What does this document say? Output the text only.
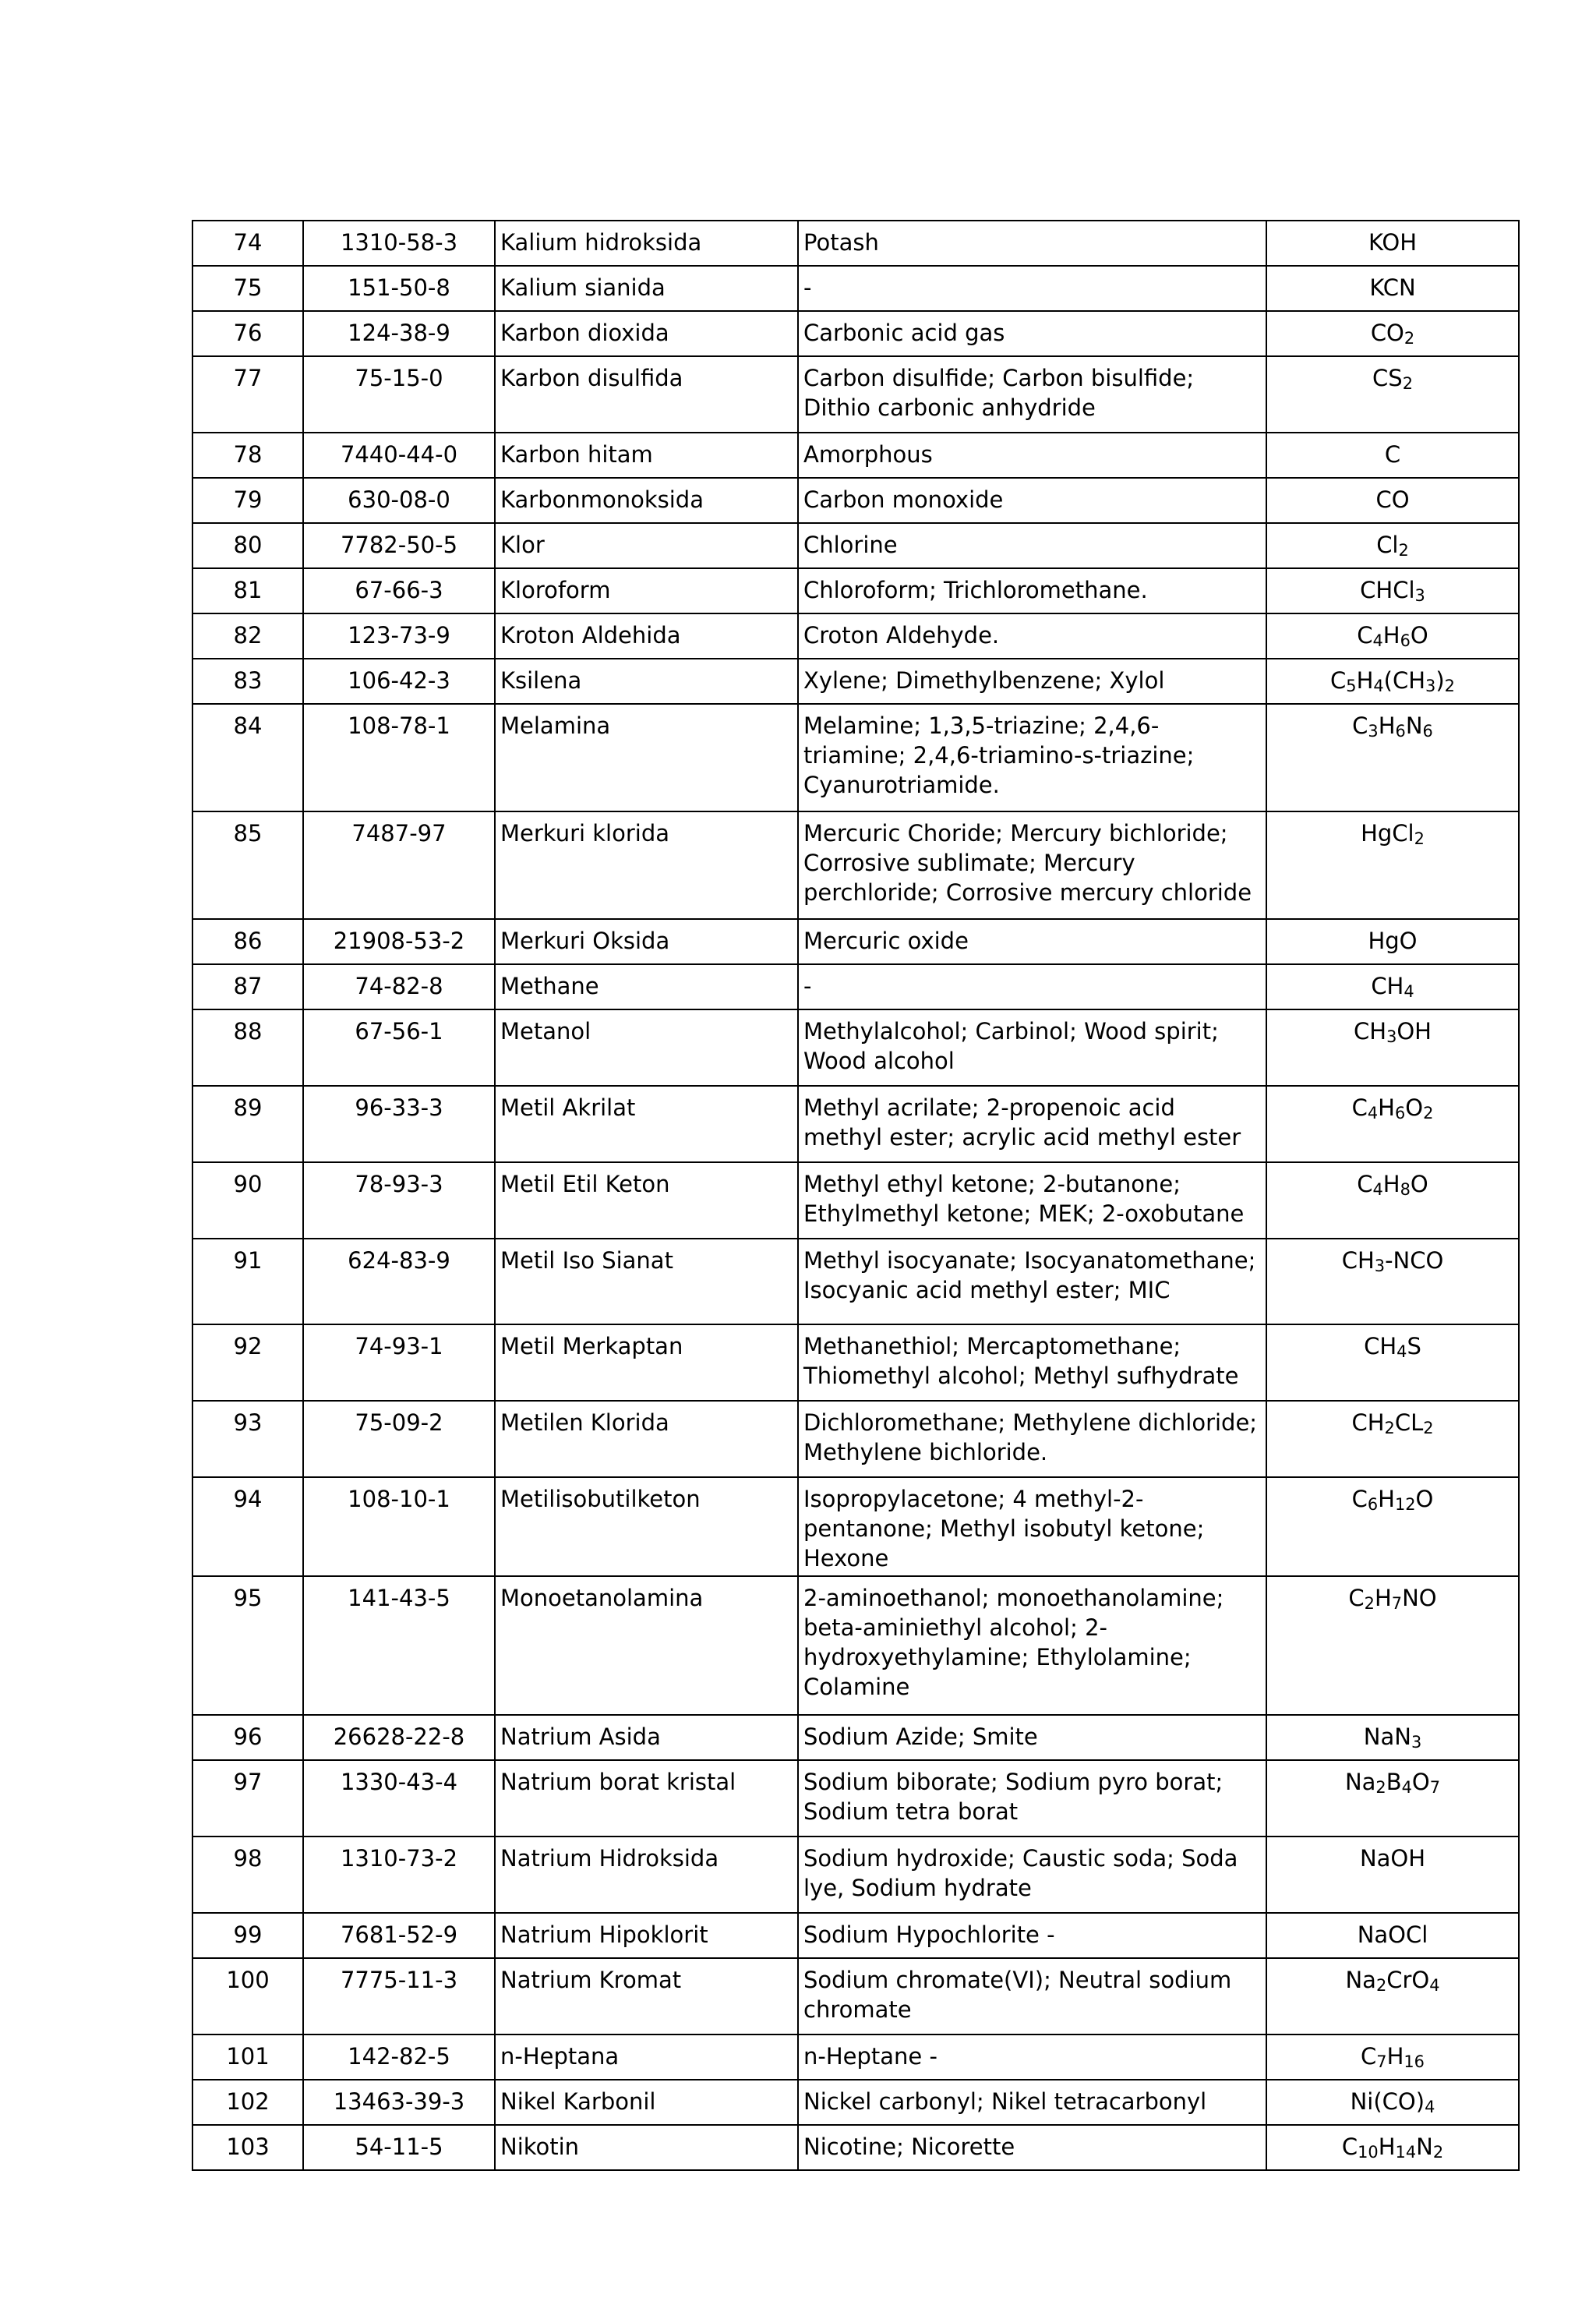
74	1310-58-3	Kalium hidroksida	Potash	KOH
75	151-50-8	Kalium sianida	-	KCN
76	124-38-9	Karbon dioxida	Carbonic acid gas	$CO_2$
77	75-15-0	Karbon disulfida	Carbon disulfide; Carbon bisulfide; Dithio carbonic anhydride	$CS_2$
78	7440-44-0	Karbon hitam	Amorphous	C
79	630-08-0	Karbonmonoksida	Carbon monoxide	CO
80	7782-50-5	Klor	Chlorine	$Cl_2$
81	67-66-3	Kloroform	Chloroform; Trichloromethane.	CHCl$_3$
82	123-73-9	Kroton Aldehida	Croton Aldehyde.	$C_4H_6O$
83	106-42-3	Ksilena	Xylene; Dimethylbenzene; Xylol	$C_5H_4(CH_3)_2$
84	108-78-1	Melamina	Melamine; 1,3,5-triazine; 2,4,6-triamine; 2,4,6-triamino-s-triazine; Cyanurotriamide.	$C_3H_6N_6$
85	7487-97	Merkuri klorida	Mercuric Choride; Mercury bichloride; Corrosive sublimate; Mercury perchloride; Corrosive mercury chloride	HgCl$_2$
86	21908-53-2	Merkuri Oksida	Mercuric oxide	HgO
87	74-82-8	Methane	-	$CH_4$
88	67-56-1	Metanol	Methylalcohol; Carbinol; Wood spirit; Wood alcohol	$CH_3OH$
89	96-33-3	Metil Akrilat	Methyl acrilate; 2-propenoic acid methyl ester; acrylic acid methyl ester	$C_4H_6O_2$
90	78-93-3	Metil Etil Keton	Methyl ethyl ketone; 2-butanone; Ethylmethyl ketone; MEK; 2-oxobutane	$C_4H_8O$
91	624-83-9	Metil Iso Sianat	Methyl isocyanate; Isocyanatomethane; Isocyanic acid methyl ester; MIC	$CH_3$-NCO
92	74-93-1	Metil Merkaptan	Methanethiol; Mercaptomethane; Thiomethyl alcohol; Methyl sufhydrate	$CH_4S$
93	75-09-2	Metilen Klorida	Dichloromethane; Methylene dichloride; Methylene bichloride.	$CH_2CL_2$
94	108-10-1	Metilisobutilketon	Isopropylacetone; 4 methyl-2-pentanone; Methyl isobutyl ketone; Hexone	$C_6H_{12}O$
95	141-43-5	Monoetanolamina	2-aminoethanol; monoethanolamine; beta-aminiethyl alcohol; 2-hydroxyethylamine; Ethylolamine; Colamine	$C_2H_7NO$
96	26628-22-8	Natrium Asida	Sodium Azide; Smite	NaN$_3$
97	1330-43-4	Natrium borat kristal	Sodium biborate; Sodium pyro borat; Sodium tetra borat	$Na_2B_4O_7$
98	1310-73-2	Natrium Hidroksida	Sodium hydroxide; Caustic soda; Soda lye, Sodium hydrate	NaOH
99	7681-52-9	Natrium Hipoklorit	Sodium Hypochlorite -	NaOCl
100	7775-11-3	Natrium Kromat	Sodium chromate(VI); Neutral sodium chromate	$Na_2CrO_4$
101	142-82-5	n-Heptana	n-Heptane -	$C_7H_{16}$
102	13463-39-3	Nikel Karbonil	Nickel carbonyl; Nikel tetracarbonyl	$Ni(CO)_4$
103	54-11-5	Nikotin	Nicotine; Nicorette	$C_{10}H_{14}N_2$
